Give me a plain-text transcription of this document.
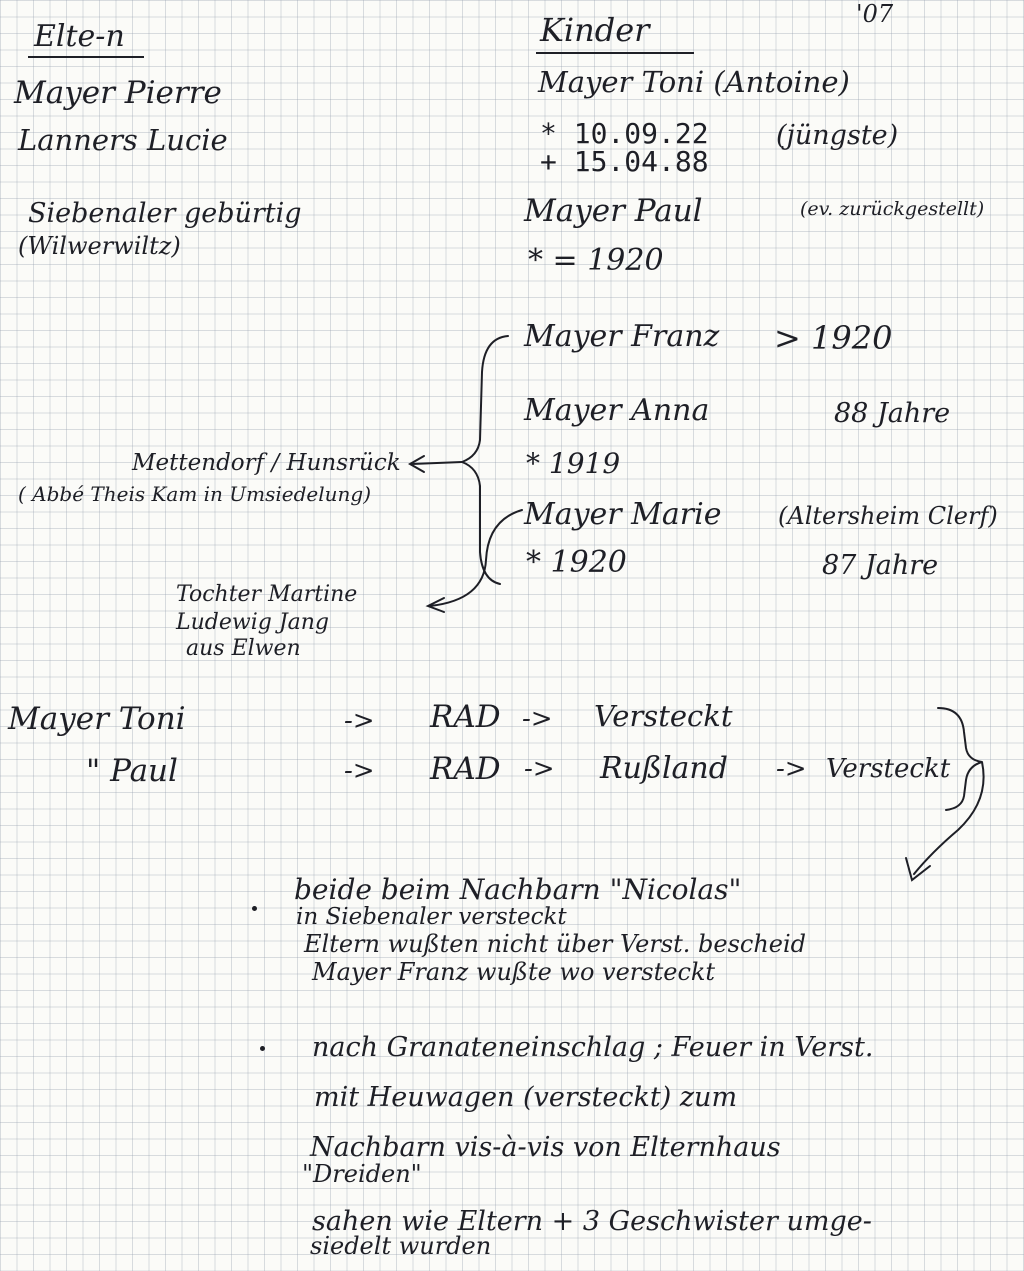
'07
Elte-n
Mayer Pierre
Lanners Lucie
Siebenaler gebürtig
(Wilwerwiltz)
Kinder
Mayer Toni (Antoine)
* 10.09.22 (jüngste)
+ 15.04.88
Mayer Paul	(ev. zurückgestellt)
* = 1920
Mayer Franz > 1920
Mayer Anna	88 Jahre
* 1919
Mayer Marie (Altersheim Clerf)
* 1920	87 Jahre
Mettendorf / Hunsrück
( Abbé Theis Kam in Umsiedelung)
Tochter Martine
Ludewig Jang
aus Elwen
Mayer Toni	-> RAD -> Versteckt
" Paul	-> RAD -> Rußland -> Versteckt
beide beim Nachbarn "Nicolas"
in Siebenaler versteckt
Eltern wußten nicht über Verst. bescheid
Mayer Franz wußte wo versteckt
nach Granateneinschlag ; Feuer in Verst.
mit Heuwagen (versteckt) zum
Nachbarn vis-à-vis von Elternhaus
"Dreiden"
sahen wie Eltern + 3 Geschwister umge-
siedelt wurden
